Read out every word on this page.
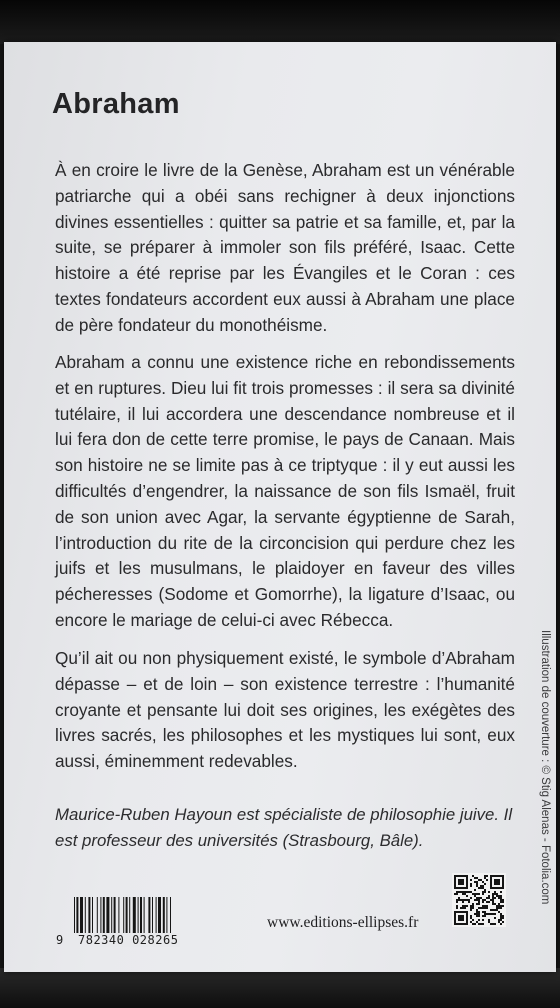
Abraham
À en croire le livre de la Genèse, Abraham est un vénérable patriarche qui a obéi sans rechigner à deux injonctions divines essentielles : quitter sa patrie et sa famille, et, par la suite, se préparer à immoler son fils préféré, Isaac. Cette histoire a été reprise par les Évangiles et le Coran : ces textes fondateurs accordent eux aussi à Abraham une place de père fondateur du monothéisme.
Abraham a connu une existence riche en rebondissements et en ruptures. Dieu lui fit trois promesses : il sera sa divinité tutélaire, il lui accordera une descendance nombreuse et il lui fera don de cette terre promise, le pays de Canaan. Mais son histoire ne se limite pas à ce triptyque : il y eut aussi les difficultés d’engendrer, la naissance de son fils Ismaël, fruit de son union avec Agar, la servante égyptienne de Sarah, l’introduction du rite de la circoncision qui perdure chez les juifs et les musulmans, le plaidoyer en faveur des villes pécheresses (Sodome et Gomorrhe), la ligature d’Isaac, ou encore le mariage de celui-ci avec Rébecca.
Qu’il ait ou non physiquement existé, le symbole d’Abraham dépasse – et de loin – son existence terrestre : l’humanité croyante et pensante lui doit ses origines, les exégètes des livres sacrés, les philosophes et les mystiques lui sont, eux aussi, éminemment redevables.
Maurice-Ruben Hayoun est spécialiste de philosophie juive. Il est professeur des universités (Strasbourg, Bâle).	Illustration de couverture : © Stig Alenas - Fotolia.com
9 782340 028265
www.editions-ellipses.fr
